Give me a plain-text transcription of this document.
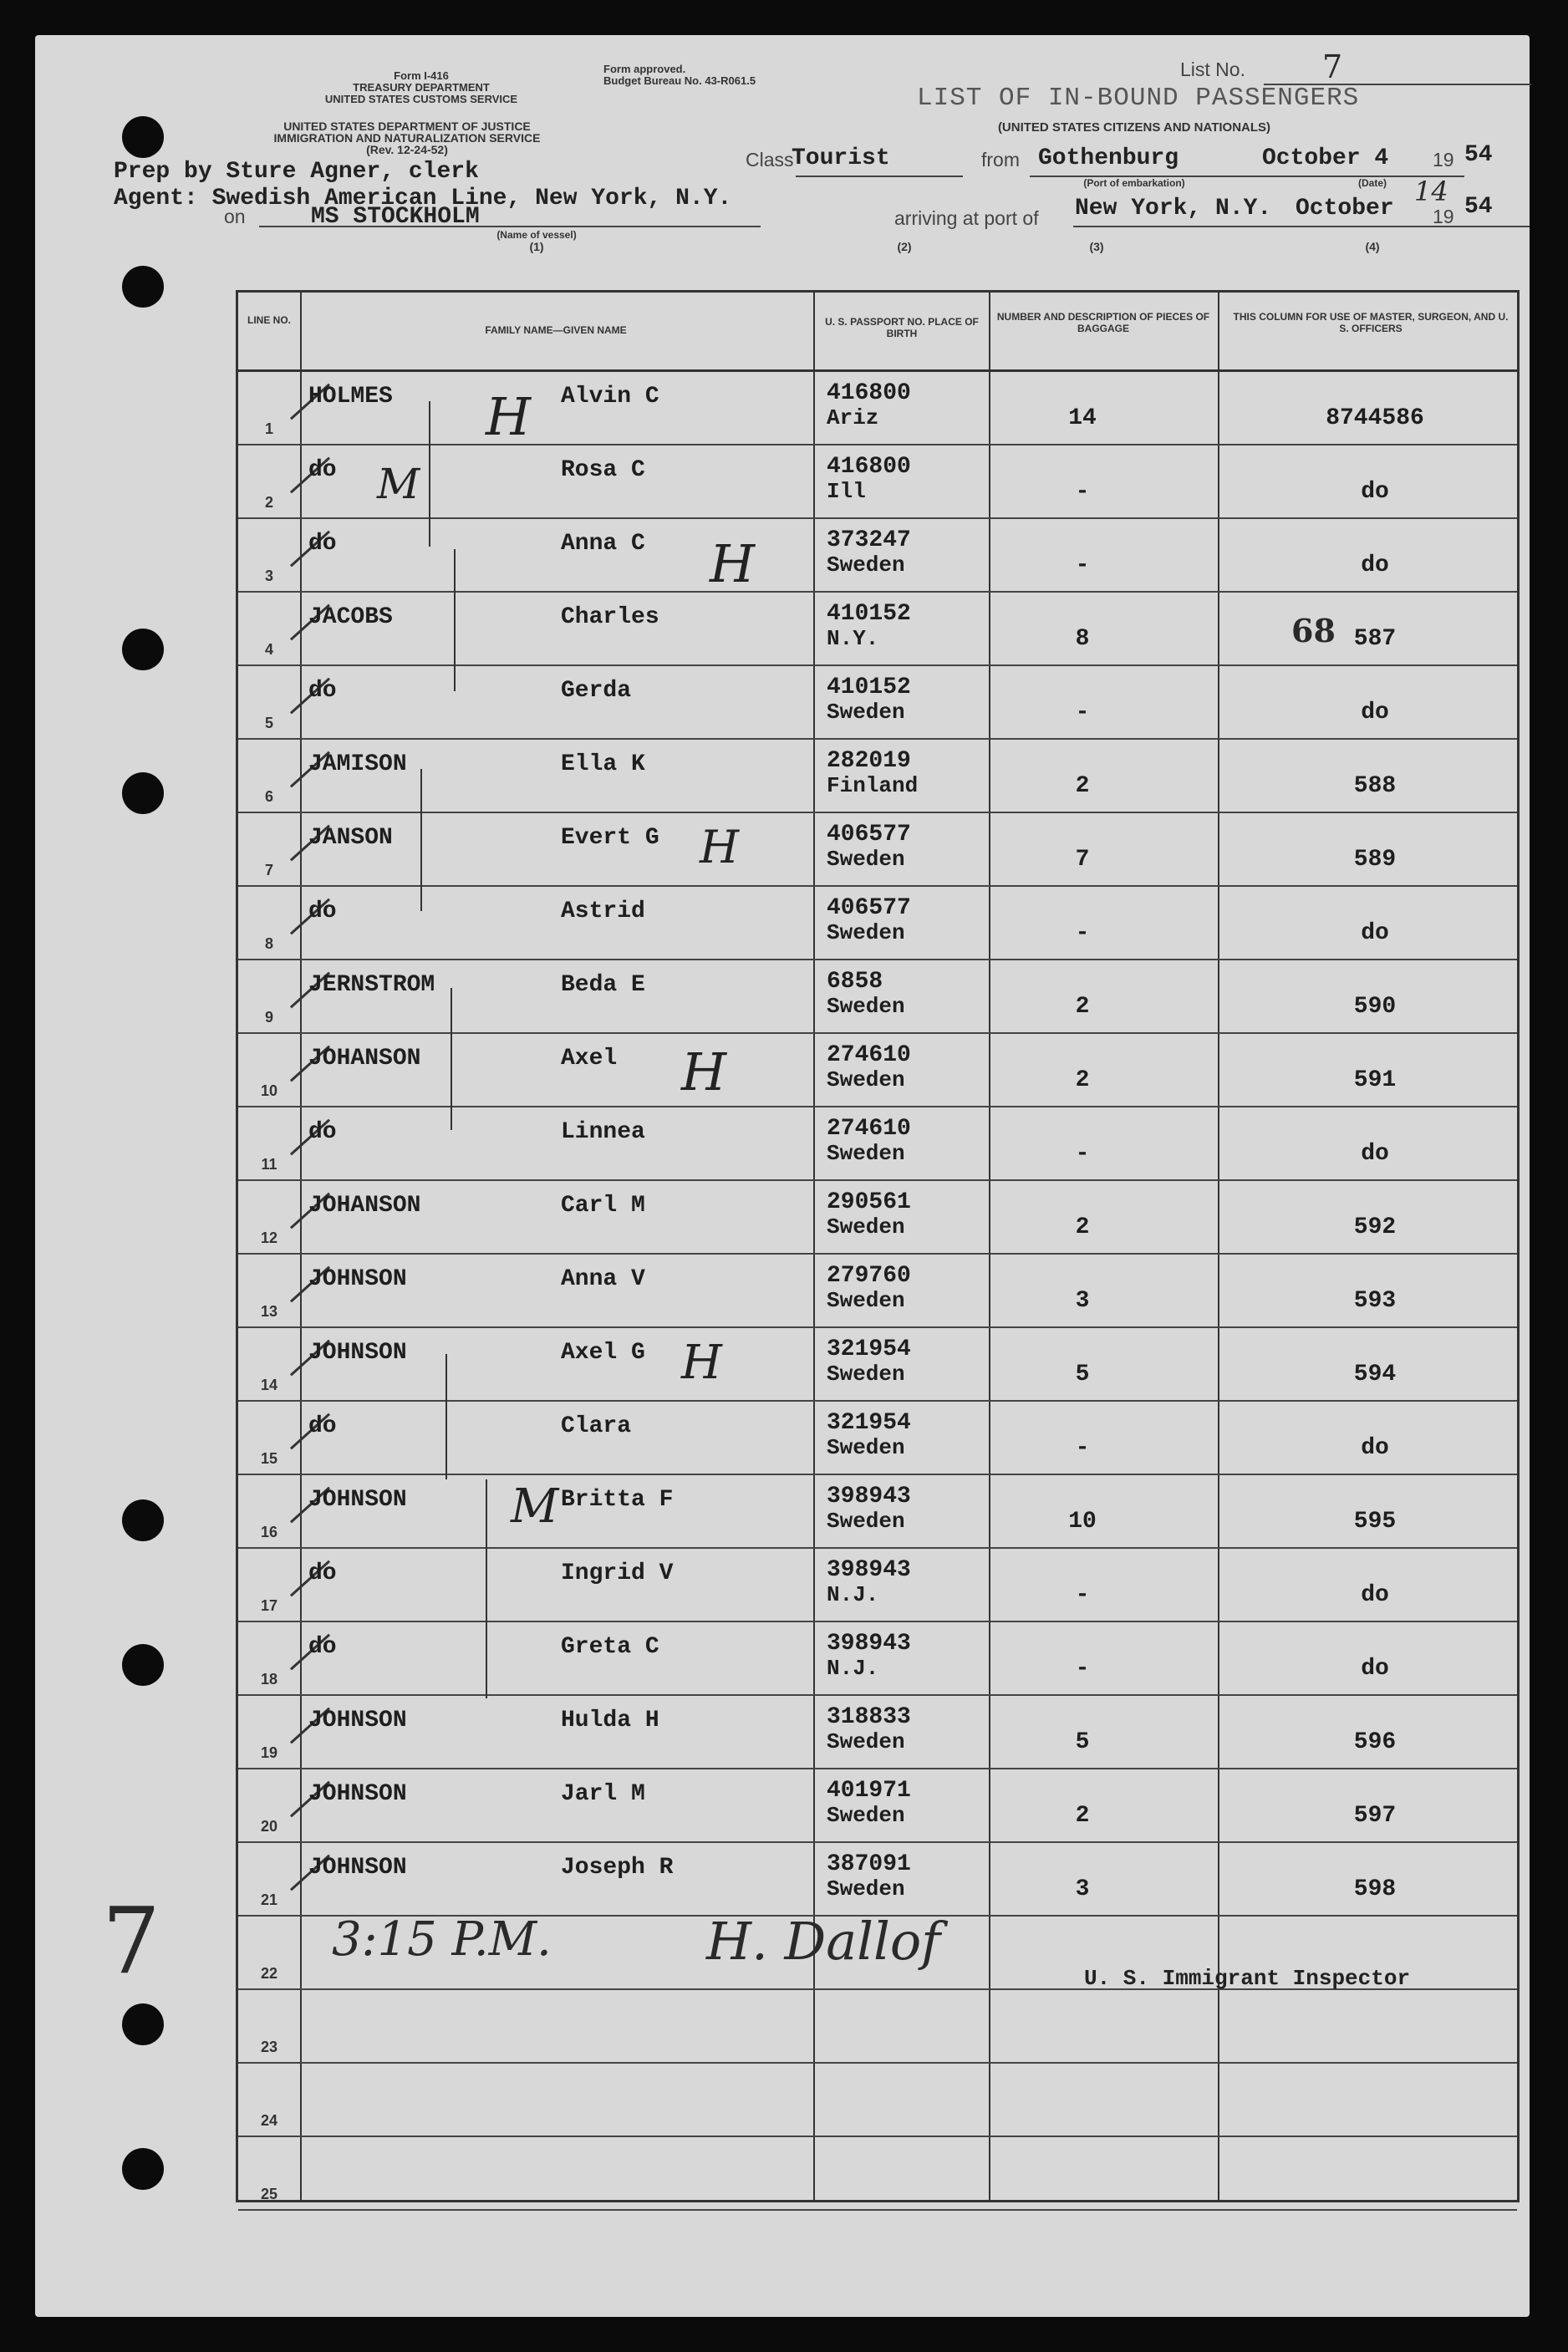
Form I-416
TREASURY DEPARTMENT
UNITED STATES CUSTOMS SERVICE
UNITED STATES DEPARTMENT OF JUSTICE
IMMIGRATION AND NATURALIZATION SERVICE
(Rev. 12-24-52)
Form approved.
Budget Bureau No. 43-R061.5
List No. 7
LIST OF IN-BOUND PASSENGERS
(UNITED STATES CITIZENS AND NATIONALS)
Prep by Sture Agner, clerk
Agent: Swedish American Line, New York, N.Y.
Class
Tourist	from Gothenburg
(Port of embarkation)
October 4 19 54
(Date)
on	MS STOCKHOLM
(Name of vessel)
(1)
arriving at port of New York, N.Y. October
14
19 54
(2)	(3)	(4)
LINE NO.
FAMILY NAME—GIVEN NAME
U. S. PASSPORT NO. PLACE OF BIRTH
NUMBER AND DESCRIPTION OF PIECES OF BAGGAGE
THIS COLUMN FOR USE OF MASTER, SURGEON, AND U. S. OFFICERS
1
HOLMES	Alvin C	416800
Ariz	14	8744586
2
do	Rosa C	416800
Ill	-	do
3
do	Anna C	373247
Sweden	-	do
4
JACOBS	Charles	410152
N.Y.	8	587
5
do	Gerda	410152
Sweden	-	do
6
JAMISON	Ella K	282019
Finland	2	588
7
JANSON	Evert G	406577
Sweden	7	589
8
do	Astrid	406577
Sweden	-	do
9
JERNSTROM	Beda E	6858
Sweden	2	590
10
JOHANSON	Axel	274610
Sweden	2	591
11
do	Linnea	274610
Sweden	-	do
12
JOHANSON	Carl M	290561
Sweden	2	592
13
JOHNSON	Anna V	279760
Sweden	3	593
14
JOHNSON	Axel G	321954
Sweden	5	594
15
do	Clara	321954
Sweden	-	do
16
JOHNSON	Britta F	398943
Sweden	10	595
17
do	Ingrid V	398943
N.J.	-	do
18
do	Greta C	398943
N.J.	-	do
19
JOHNSON	Hulda H	318833
Sweden	5	596
20
JOHNSON	Jarl M	401971
Sweden	2	597
21
JOHNSON	Joseph R	387091
Sweden	3	598
22
23
24
25
H
M
H
H
H
H
M
68
3:15 P.M.	H. Dallof
U. S. Immigrant Inspector
7
